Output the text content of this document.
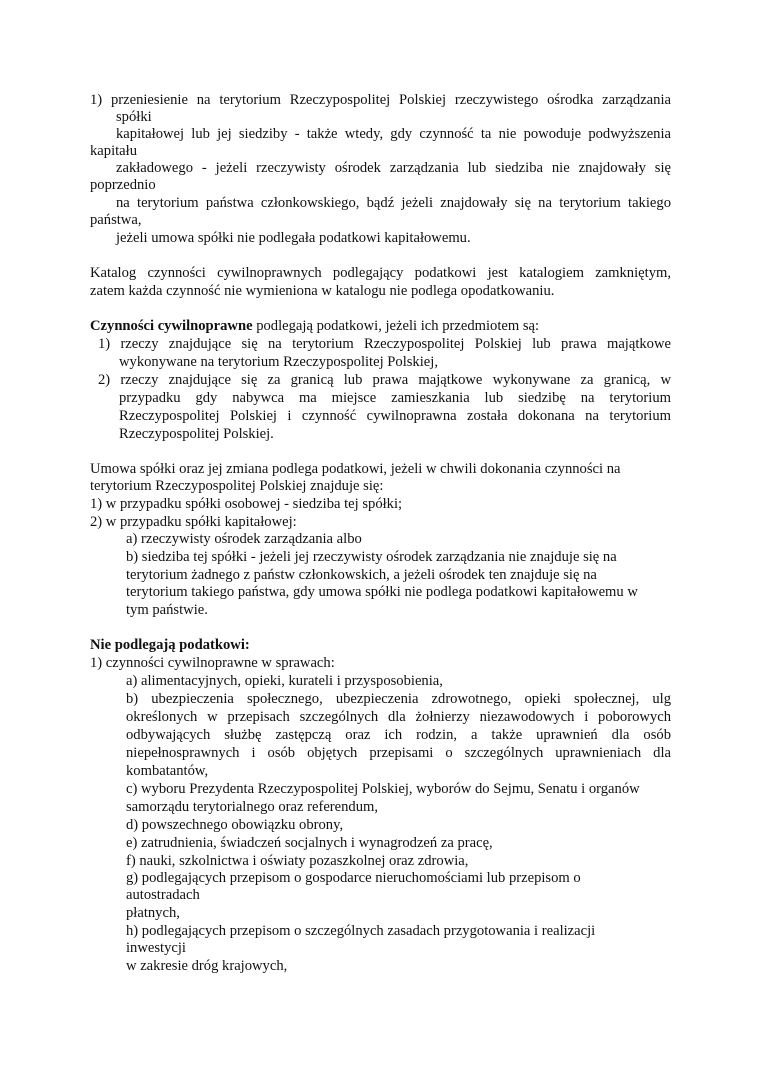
1) przeniesienie na terytorium Rzeczypospolitej Polskiej rzeczywistego ośrodka zarządzania
spółki
kapitałowej lub jej siedziby - także wtedy, gdy czynność ta nie powoduje podwyższenia
kapitału
zakładowego - jeżeli rzeczywisty ośrodek zarządzania lub siedziba nie znajdowały się
poprzednio
na terytorium państwa członkowskiego, bądź jeżeli znajdowały się na terytorium takiego
państwa,
jeżeli umowa spółki nie podlegała podatkowi kapitałowemu.
Katalog czynności cywilnoprawnych podlegający podatkowi jest katalogiem zamkniętym,
zatem każda czynność nie wymieniona w katalogu nie podlega opodatkowaniu.
Czynności cywilnoprawne podlegają podatkowi, jeżeli ich przedmiotem są:
1) rzeczy znajdujące się na terytorium Rzeczypospolitej Polskiej lub prawa majątkowe
wykonywane na terytorium Rzeczypospolitej Polskiej,
2) rzeczy znajdujące się za granicą lub prawa majątkowe wykonywane za granicą, w
przypadku gdy nabywca ma miejsce zamieszkania lub siedzibę na terytorium
Rzeczypospolitej Polskiej i czynność cywilnoprawna została dokonana na terytorium
Rzeczypospolitej Polskiej.
Umowa spółki oraz jej zmiana podlega podatkowi, jeżeli w chwili dokonania czynności na
terytorium Rzeczypospolitej Polskiej znajduje się:
1) w przypadku spółki osobowej - siedziba tej spółki;
2) w przypadku spółki kapitałowej:
a) rzeczywisty ośrodek zarządzania albo
b) siedziba tej spółki - jeżeli jej rzeczywisty ośrodek zarządzania nie znajduje się na
terytorium żadnego z państw członkowskich, a jeżeli ośrodek ten znajduje się na
terytorium takiego państwa, gdy umowa spółki nie podlega podatkowi kapitałowemu w
tym państwie.
Nie podlegają podatkowi:
1) czynności cywilnoprawne w sprawach:
a) alimentacyjnych, opieki, kurateli i przysposobienia,
b) ubezpieczenia społecznego, ubezpieczenia zdrowotnego, opieki społecznej, ulg
określonych w przepisach szczególnych dla żołnierzy niezawodowych i poborowych
odbywających służbę zastępczą oraz ich rodzin, a także uprawnień dla osób
niepełnosprawnych i osób objętych przepisami o szczególnych uprawnieniach dla
kombatantów,
c) wyboru Prezydenta Rzeczypospolitej Polskiej, wyborów do Sejmu, Senatu i organów
samorządu terytorialnego oraz referendum,
d) powszechnego obowiązku obrony,
e) zatrudnienia, świadczeń socjalnych i wynagrodzeń za pracę,
f) nauki, szkolnictwa i oświaty pozaszkolnej oraz zdrowia,
g) podlegających przepisom o gospodarce nieruchomościami lub przepisom o
autostradach
płatnych,
h) podlegających przepisom o szczególnych zasadach przygotowania i realizacji
inwestycji
w zakresie dróg krajowych,
